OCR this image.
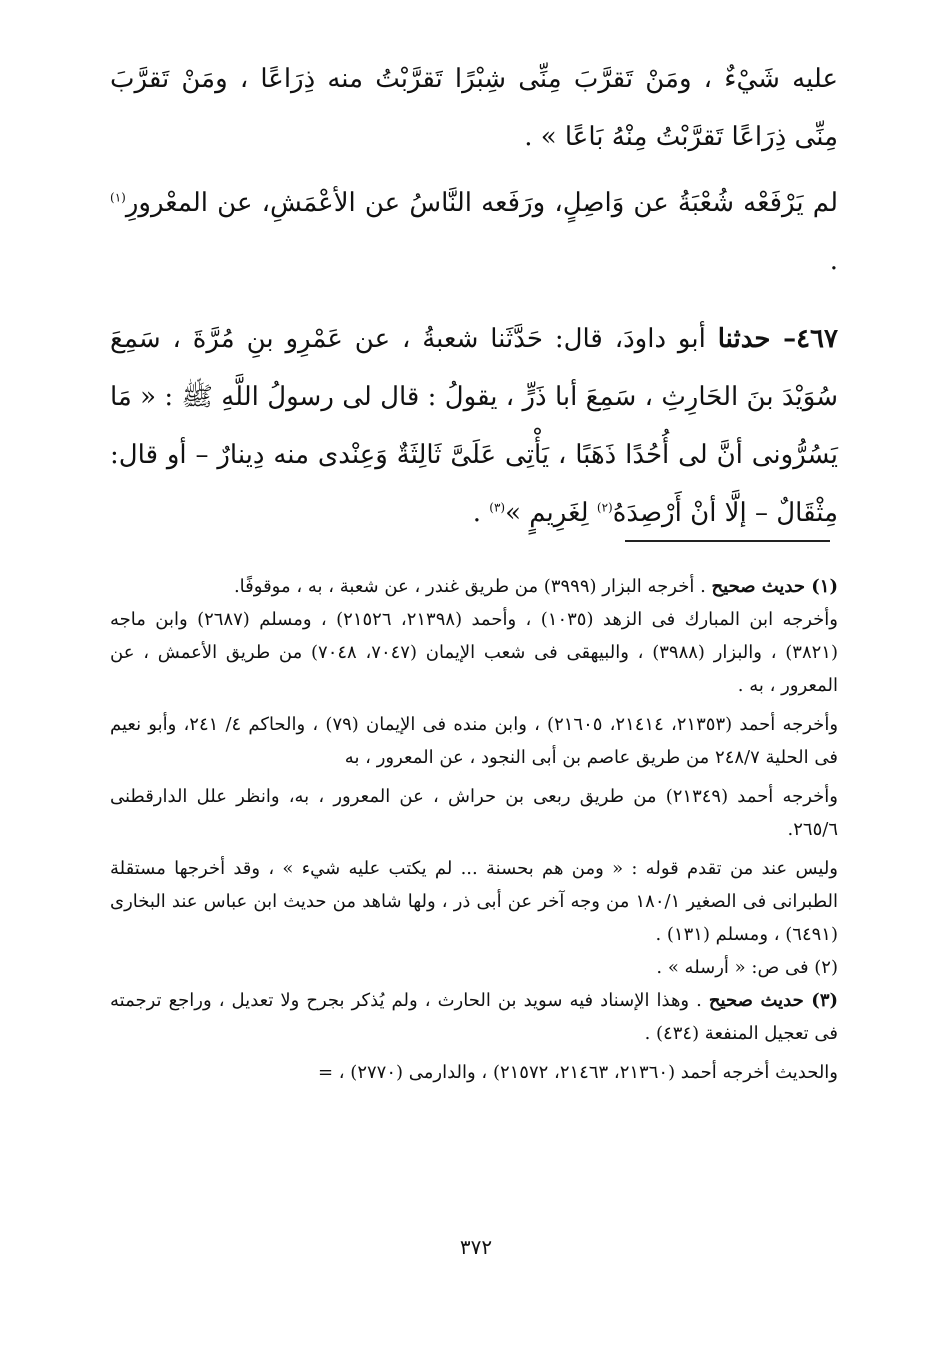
عليه شَيْءٌ ، ومَنْ تَقرَّبَ مِنِّى شِبْرًا تَقرَّبْتُ منه ذِرَاعًا ، ومَنْ تَقرَّبَ مِنِّى ذِرَاعًا تَقرَّبْتُ مِنْهُ بَاعًا » .

لم يَرْفَعْه شُعْبَةُ عن وَاصِلٍ، ورَفَعه النَّاسُ عن الأعْمَشِ، عن المعْرورِ$^{(١)}$ .

٤٦٧– حدثنا أبو داودَ، قال: حَدَّثَنا شعبةُ ، عن عَمْرِو بنِ مُرَّةَ ، سَمِعَ سُوَيْدَ بنَ الحَارِثِ ، سَمِعَ أبا ذَرٍّ ، يقولُ : قال لى رسولُ اللَّهِ ﷺ : « مَا يَسُرُّونى أنَّ لى أُحُدًا ذَهَبًا ، يَأْتِى عَلَىَّ ثَالِثَةٌ وَعِنْدى منه دِينارٌ – أو قال: مِثْقَالٌ – إلَّا أنْ أَرْصِدَهُ$^{(٢)}$ لِغَرِيمٍ »$^{(٣)}$ .

(١) حديث صحيح . أخرجه البزار (٣٩٩٩) من طريق غندر ، عن شعبة ، به ، موقوفًا.

وأخرجه ابن المبارك فى الزهد (١٠٣٥) ، وأحمد (٢١٣٩٨، ٢١٥٢٦) ، ومسلم (٢٦٨٧) وابن ماجه (٣٨٢١) ، والبزار (٣٩٨٨) ، والبيهقى فى شعب الإيمان (٧٠٤٧، ٧٠٤٨) من طريق الأعمش ، عن المعرور ، به .

وأخرجه أحمد (٢١٣٥٣، ٢١٤١٤، ٢١٦٠٥) ، وابن منده فى الإيمان (٧٩) ، والحاكم ٤/ ٢٤١، وأبو نعيم فى الحلية ٢٤٨/٧ من طريق عاصم بن أبى النجود ، عن المعرور ، به

وأخرجه أحمد (٢١٣٤٩) من طريق ربعى بن حراش ، عن المعرور ، به، وانظر علل الدارقطنى ٢٦٥/٦.

وليس عند من تقدم قوله : « ومن هم بحسنة ... لم يكتب عليه شيء » ، وقد أخرجها مستقلة الطبرانى فى الصغير ١٨٠/١ من وجه آخر عن أبى ذر ، ولها شاهد من حديث ابن عباس عند البخارى (٦٤٩١) ، ومسلم (١٣١) .

(٢) فى ص: « أرسله » .

(٣) حديث صحيح . وهذا الإسناد فيه سويد بن الحارث ، ولم يُذكر بجرح ولا تعديل ، وراجع ترجمته فى تعجيل المنفعة (٤٣٤) .

والحديث أخرجه أحمد (٢١٣٦٠، ٢١٤٦٣، ٢١٥٧٢) ، والدارمى (٢٧٧٠) ، =

٣٧٢
